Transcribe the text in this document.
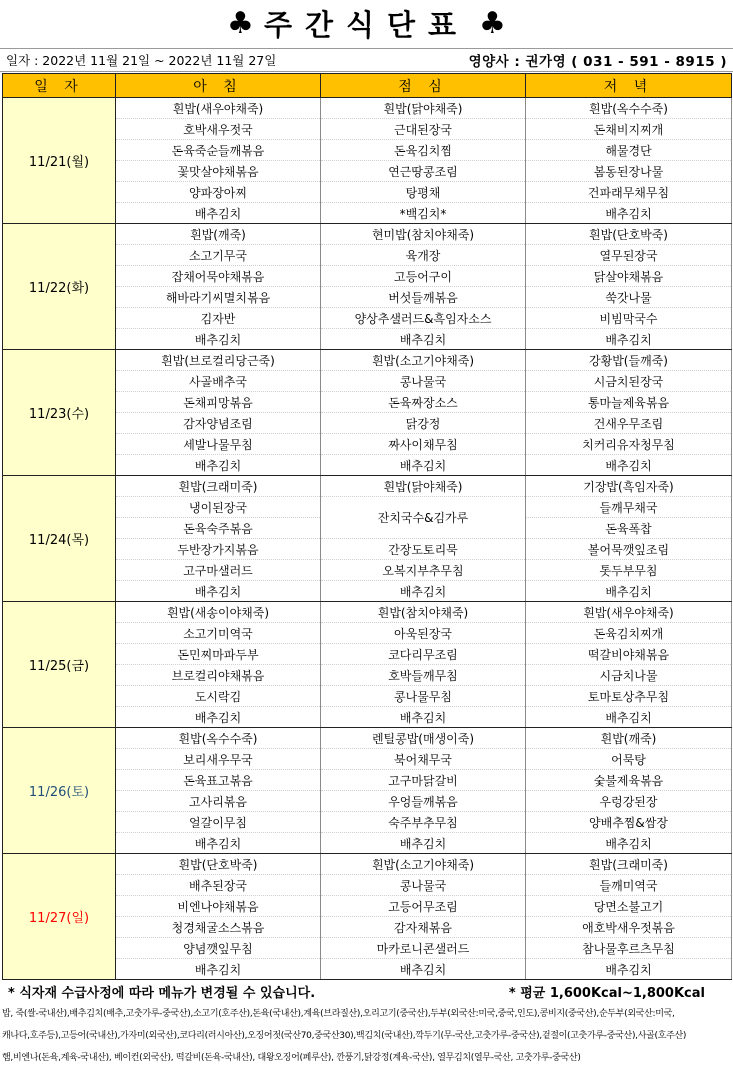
♣ 주 간 식 단 표 ♣
일자 : 2022년 11월 21일 ~ 2022년 11월 27일	영양사 : 권가영 ( 031 - 591 - 8915 )
일 자	아 침	점 심	저 녁
11/21(월)	흰밥(새우야채죽)	흰밥(닭야채죽)	흰밥(옥수수죽)
	호박새우젓국	근대된장국	돈채비지찌개
	돈육죽순들깨볶음	돈육김치찜	해물경단
	꽃맛살야채볶음	연근땅콩조림	봄동된장나물
	양파장아찌	탕평채	건파래무채무침
	배추김치	*백김치*	배추김치
11/22(화)	흰밥(깨죽)	현미밥(참치야채죽)	흰밥(단호박죽)
	소고기무국	육개장	열무된장국
	잡채어묵야채볶음	고등어구이	닭살야채볶음
	해바라기씨멸치볶음	버섯들깨볶음	쑥갓나물
	김자반	양상추샐러드&흑임자소스	비빔막국수
	배추김치	배추김치	배추김치
11/23(수)	흰밥(브로컬리당근죽)	흰밥(소고기야채죽)	강황밥(들깨죽)
	사골배추국	콩나물국	시금치된장국
	돈채피망볶음	돈육짜장소스	통마늘제육볶음
	감자양념조림	닭강정	건새우무조림
	세발나물무침	짜사이채무침	치커리유자청무침
	배추김치	배추김치	배추김치
11/24(목)	흰밥(크래미죽)	흰밥(닭야채죽)	기장밥(흑임자죽)
	냉이된장국	잔치국수&김가루	들깨무채국
	돈육숙주볶음		돈육폭찹
	두반장가지볶음	간장도토리묵	볼어묵깻잎조림
	고구마샐러드	오복지부추무침	톳두부무침
	배추김치	배추김치	배추김치
11/25(금)	흰밥(새송이야채죽)	흰밥(참치야채죽)	흰밥(새우야채죽)
	소고기미역국	아욱된장국	돈육김치찌개
	돈민찌마파두부	코다리무조림	떡갈비야채볶음
	브로컬리야채볶음	호박들깨무침	시금치나물
	도시락김	콩나물무침	토마토상추무침
	배추김치	배추김치	배추김치
11/26(토)	흰밥(옥수수죽)	렌틸콩밥(매생이죽)	흰밥(깨죽)
	보리새우무국	북어채무국	어묵탕
	돈육표고볶음	고구마닭갈비	숯불제육볶음
	고사리볶음	우엉들깨볶음	우렁강된장
	얼갈이무침	숙주부추무침	양배추찜&쌈장
	배추김치	배추김치	배추김치
11/27(일)	흰밥(단호박죽)	흰밥(소고기야채죽)	흰밥(크래미죽)
	배추된장국	콩나물국	들깨미역국
	비엔나야채볶음	고등어무조림	당면소불고기
	청경채굴소스볶음	감자채볶음	애호박새우젓볶음
	양념깻잎무침	마카로니콘샐러드	참나물후르츠무침
	배추김치	배추김치	배추김치
* 식자재 수급사정에 따라 메뉴가 변경될 수 있습니다.	* 평균 1,600Kcal~1,800Kcal
밥, 죽(쌀-국내산),배추김치(배추,고춧가루-중국산),소고기(호주산),돈육(국내산),계육(브라질산),오리고기(중국산),두부(외국산:미국,중국,인도),콩비지(중국산),순두부(외국산:미국,
캐나다,호주등),고등어(국내산),가자미(외국산),코다리(러시아산),오징어젓(국산70,중국산30),백김치(국내산),깍두기(무-국산,고춧가루-중국산),겉절이(고춧가루-중국산),사골(호주산)
햄,비엔나(돈육,계육-국내산), 베이컨(외국산), 떡갈비(돈육-국내산), 대왕오징어(페루산), 깐풍기,닭강정(계육-국산), 열무김치(열무-국산, 고춧가루-중국산)
